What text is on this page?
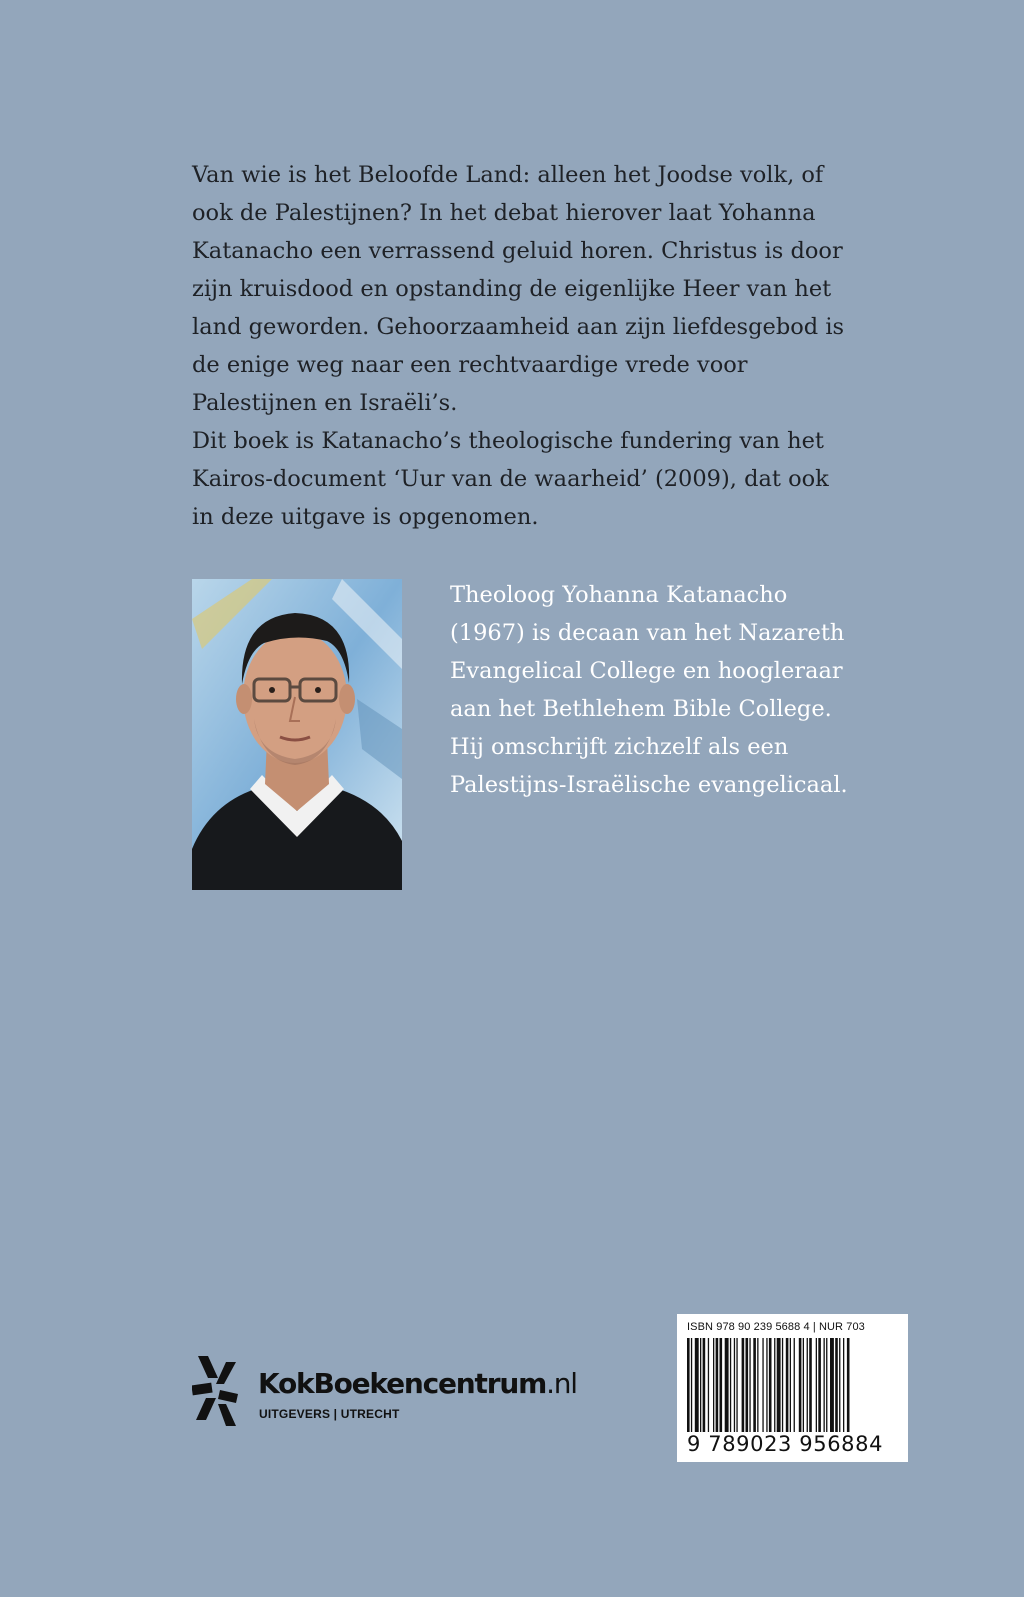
Van wie is het Beloofde Land: alleen het Joodse volk, of

ook de Palestijnen? In het debat hierover laat Yohanna

Katanacho een verrassend geluid horen. Christus is door

zijn kruisdood en opstanding de eigenlijke Heer van het

land geworden. Gehoorzaamheid aan zijn liefdesgebod is

de enige weg naar een rechtvaardige vrede voor

Palestijnen en Israëli’s.

Dit boek is Katanacho’s theologische fundering van het

Kairos-document ‘Uur van de waarheid’ (2009), dat ook

in deze uitgave is opgenomen.

Theoloog Yohanna Katanacho
(1967) is decaan van het Nazareth
Evangelical College en hoogleraar
aan het Bethlehem Bible College.
Hij omschrijft zichzelf als een
Palestijns-Israëlische evangelicaal.
KokBoekencentrum.nl
UITGEVERS | UTRECHT
ISBN 978 90 239 5688 4 | NUR 703
9 789023 956884
